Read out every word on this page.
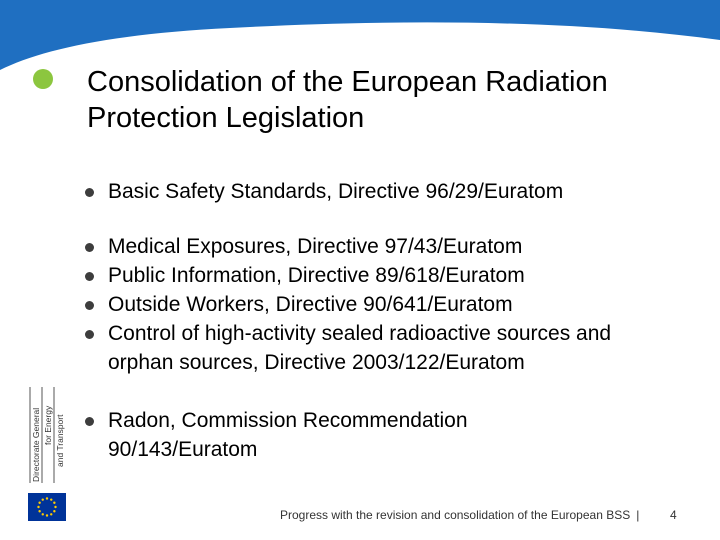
Consolidation of the European Radiation
Protection Legislation
Basic Safety Standards, Directive 96/29/Euratom
Medical Exposures, Directive 97/43/Euratom
Public Information, Directive 89/618/Euratom
Outside Workers, Directive 90/641/Euratom
Control of high-activity sealed radioactive sources and
orphan sources, Directive 2003/122/Euratom
Radon, Commission Recommendation
90/143/Euratom
Directorate General for Energy and Transport
Progress with the revision and consolidation of the European BSS |	4
